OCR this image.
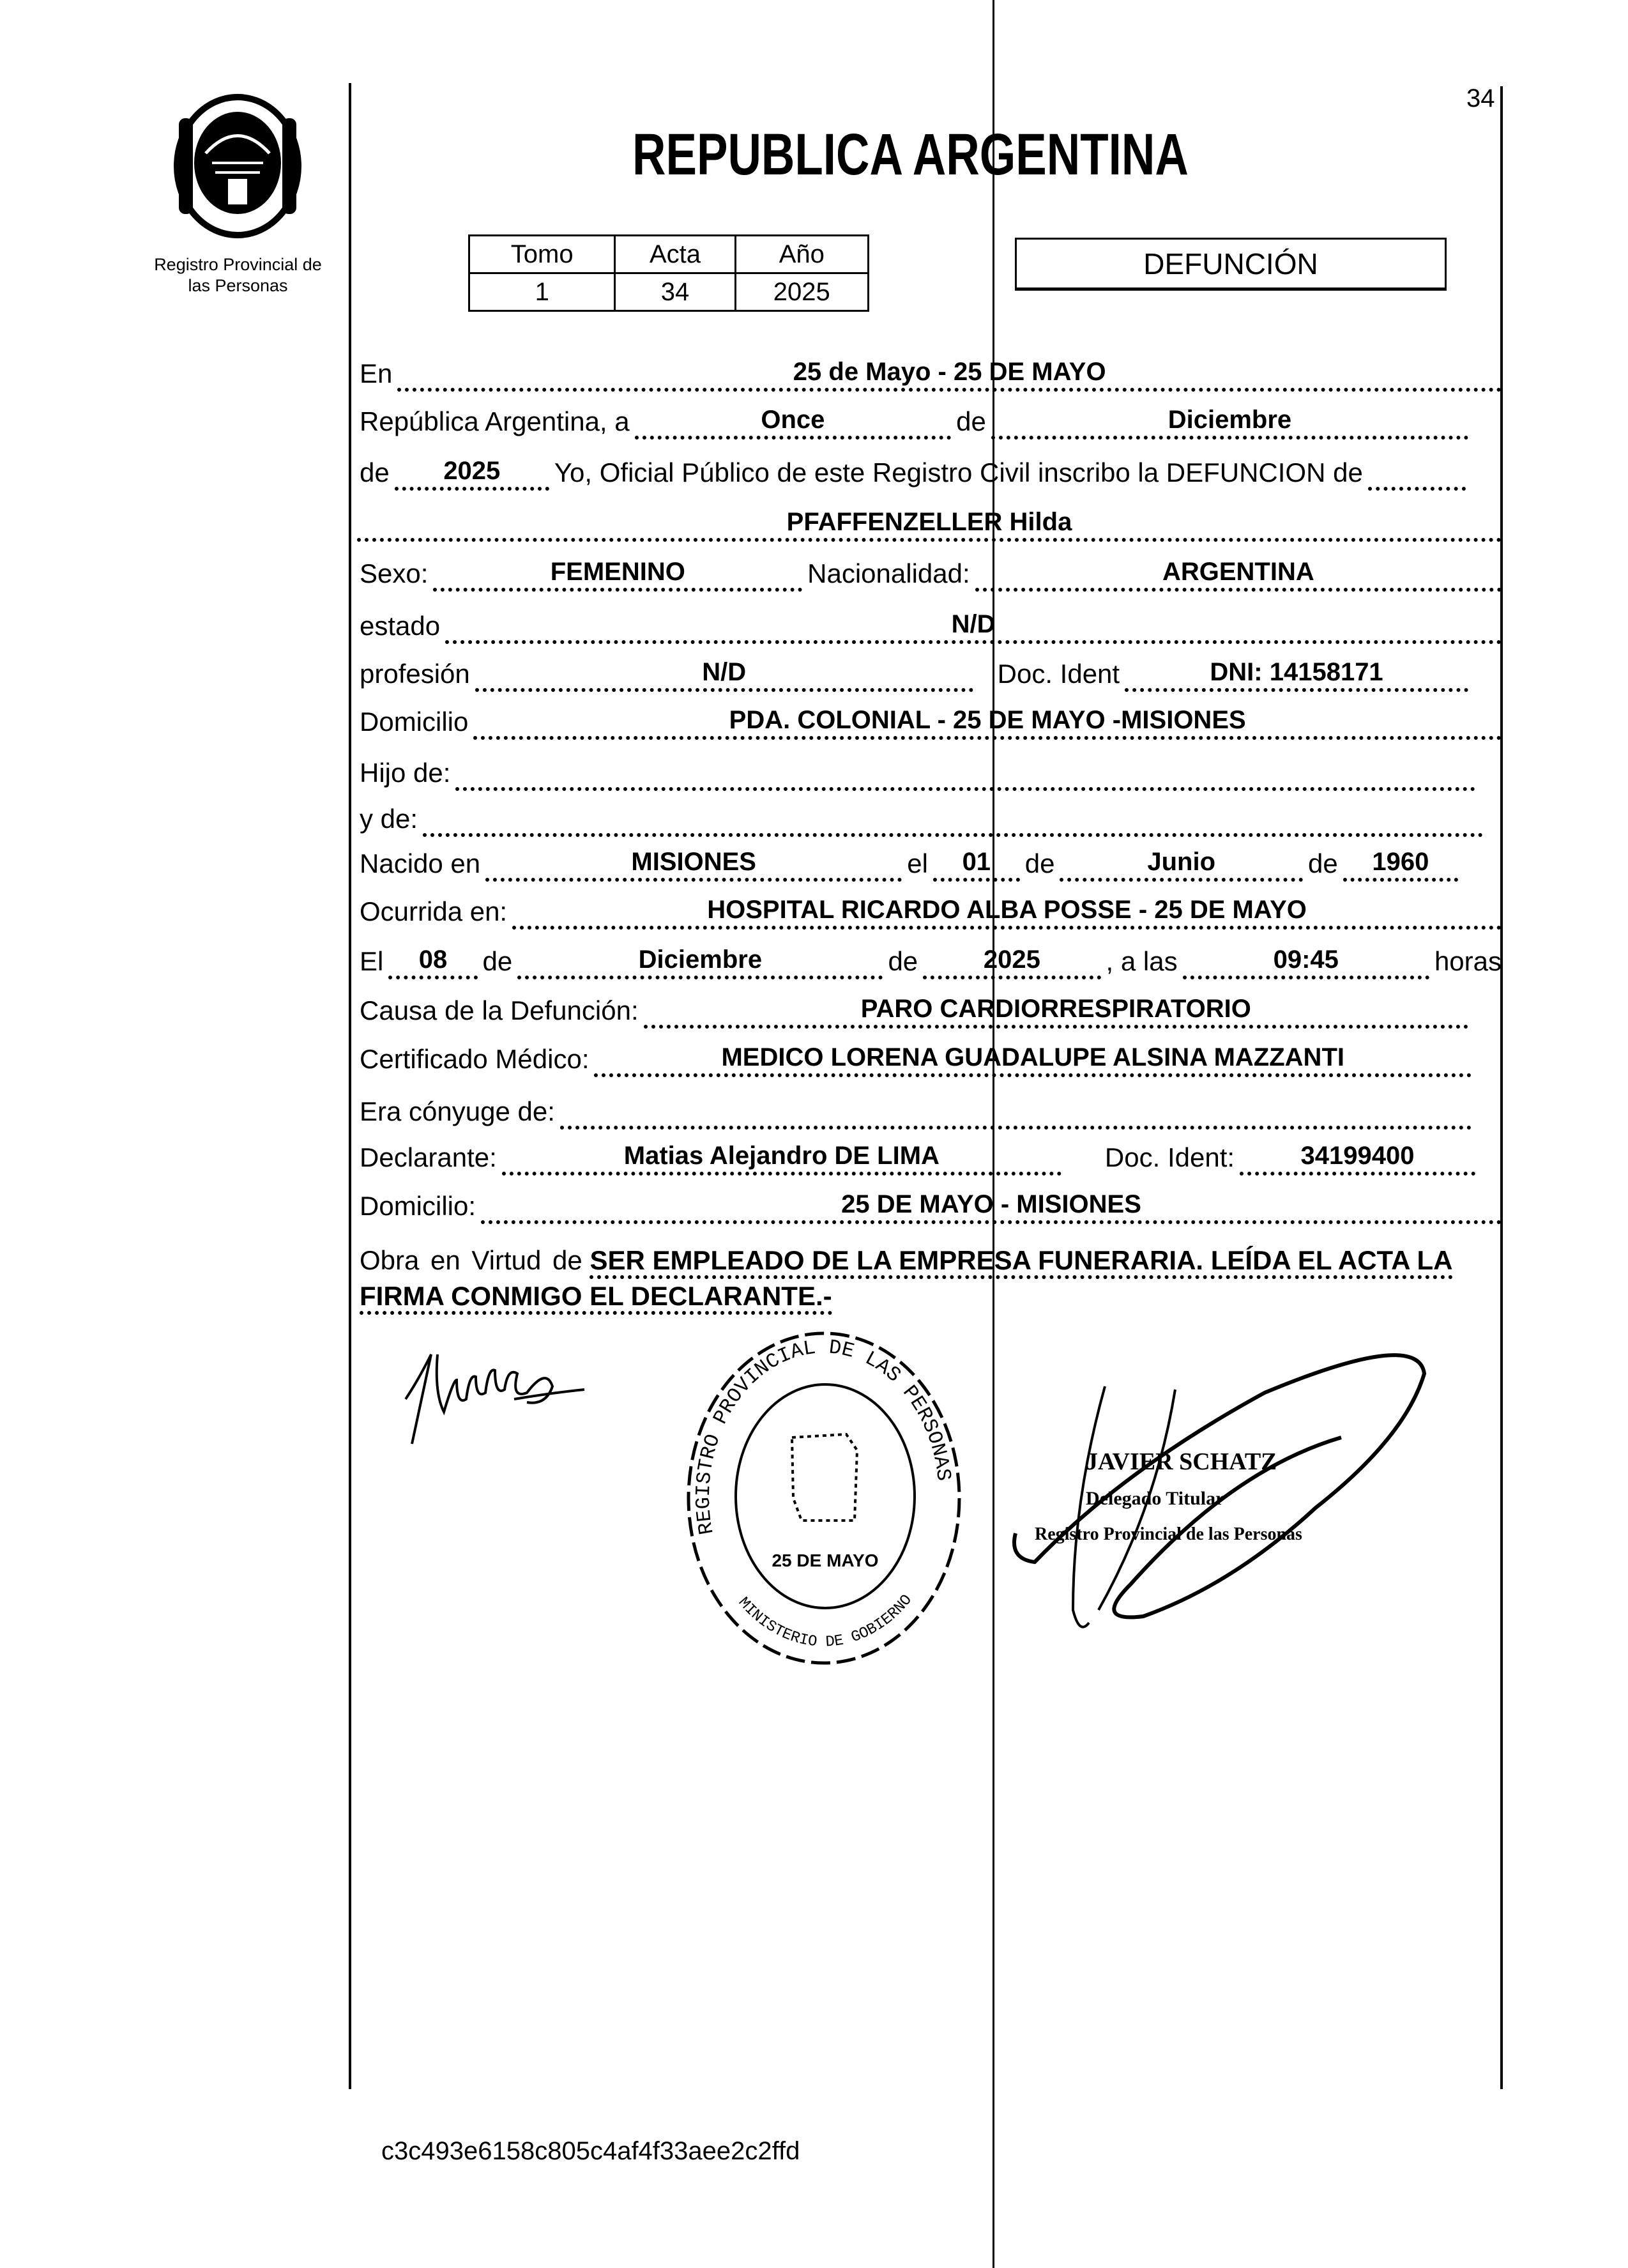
34
Registro Provincial de
las Personas
REPUBLICA ARGENTINA
Tomo	Acta	Año
1	34	2025
DEFUNCIÓN
En	25 de Mayo - 25 DE MAYO
República Argentina, a	Once	de	Diciembre
de	2025	Yo, Oficial Público de este Registro Civil inscribo la DEFUNCION de
PFAFFENZELLER Hilda
Sexo:	FEMENINO	Nacionalidad:	ARGENTINA
estado	N/D
profesión	N/D	Doc. Ident	DNI: 14158171
Domicilio	PDA. COLONIAL - 25 DE MAYO -MISIONES
Hijo de:
y de:
Nacido en	MISIONES	el	01	de	Junio	de	1960
Ocurrida en:	HOSPITAL RICARDO ALBA POSSE - 25 DE MAYO
El	08	de	Diciembre	de	2025	, a las	09:45	horas
Causa de la Defunción:	PARO CARDIORRESPIRATORIO
Certificado Médico:	MEDICO LORENA GUADALUPE ALSINA MAZZANTI
Era cónyuge de:
Declarante:	Matias Alejandro DE LIMA	Doc. Ident:	34199400
Domicilio:	25 DE MAYO - MISIONES
Obra en Virtud de SER EMPLEADO DE LA EMPRESA FUNERARIA. LEÍDA EL ACTA LA FIRMA CONMIGO EL DECLARANTE.-
REGISTRO PROVINCIAL DE LAS PERSONAS
MINISTERIO DE GOBIERNO
25 DE MAYO
JAVIER SCHATZ
Delegado Titular
Registro Provincial de las Personas
c3c493e6158c805c4af4f33aee2c2ffd
